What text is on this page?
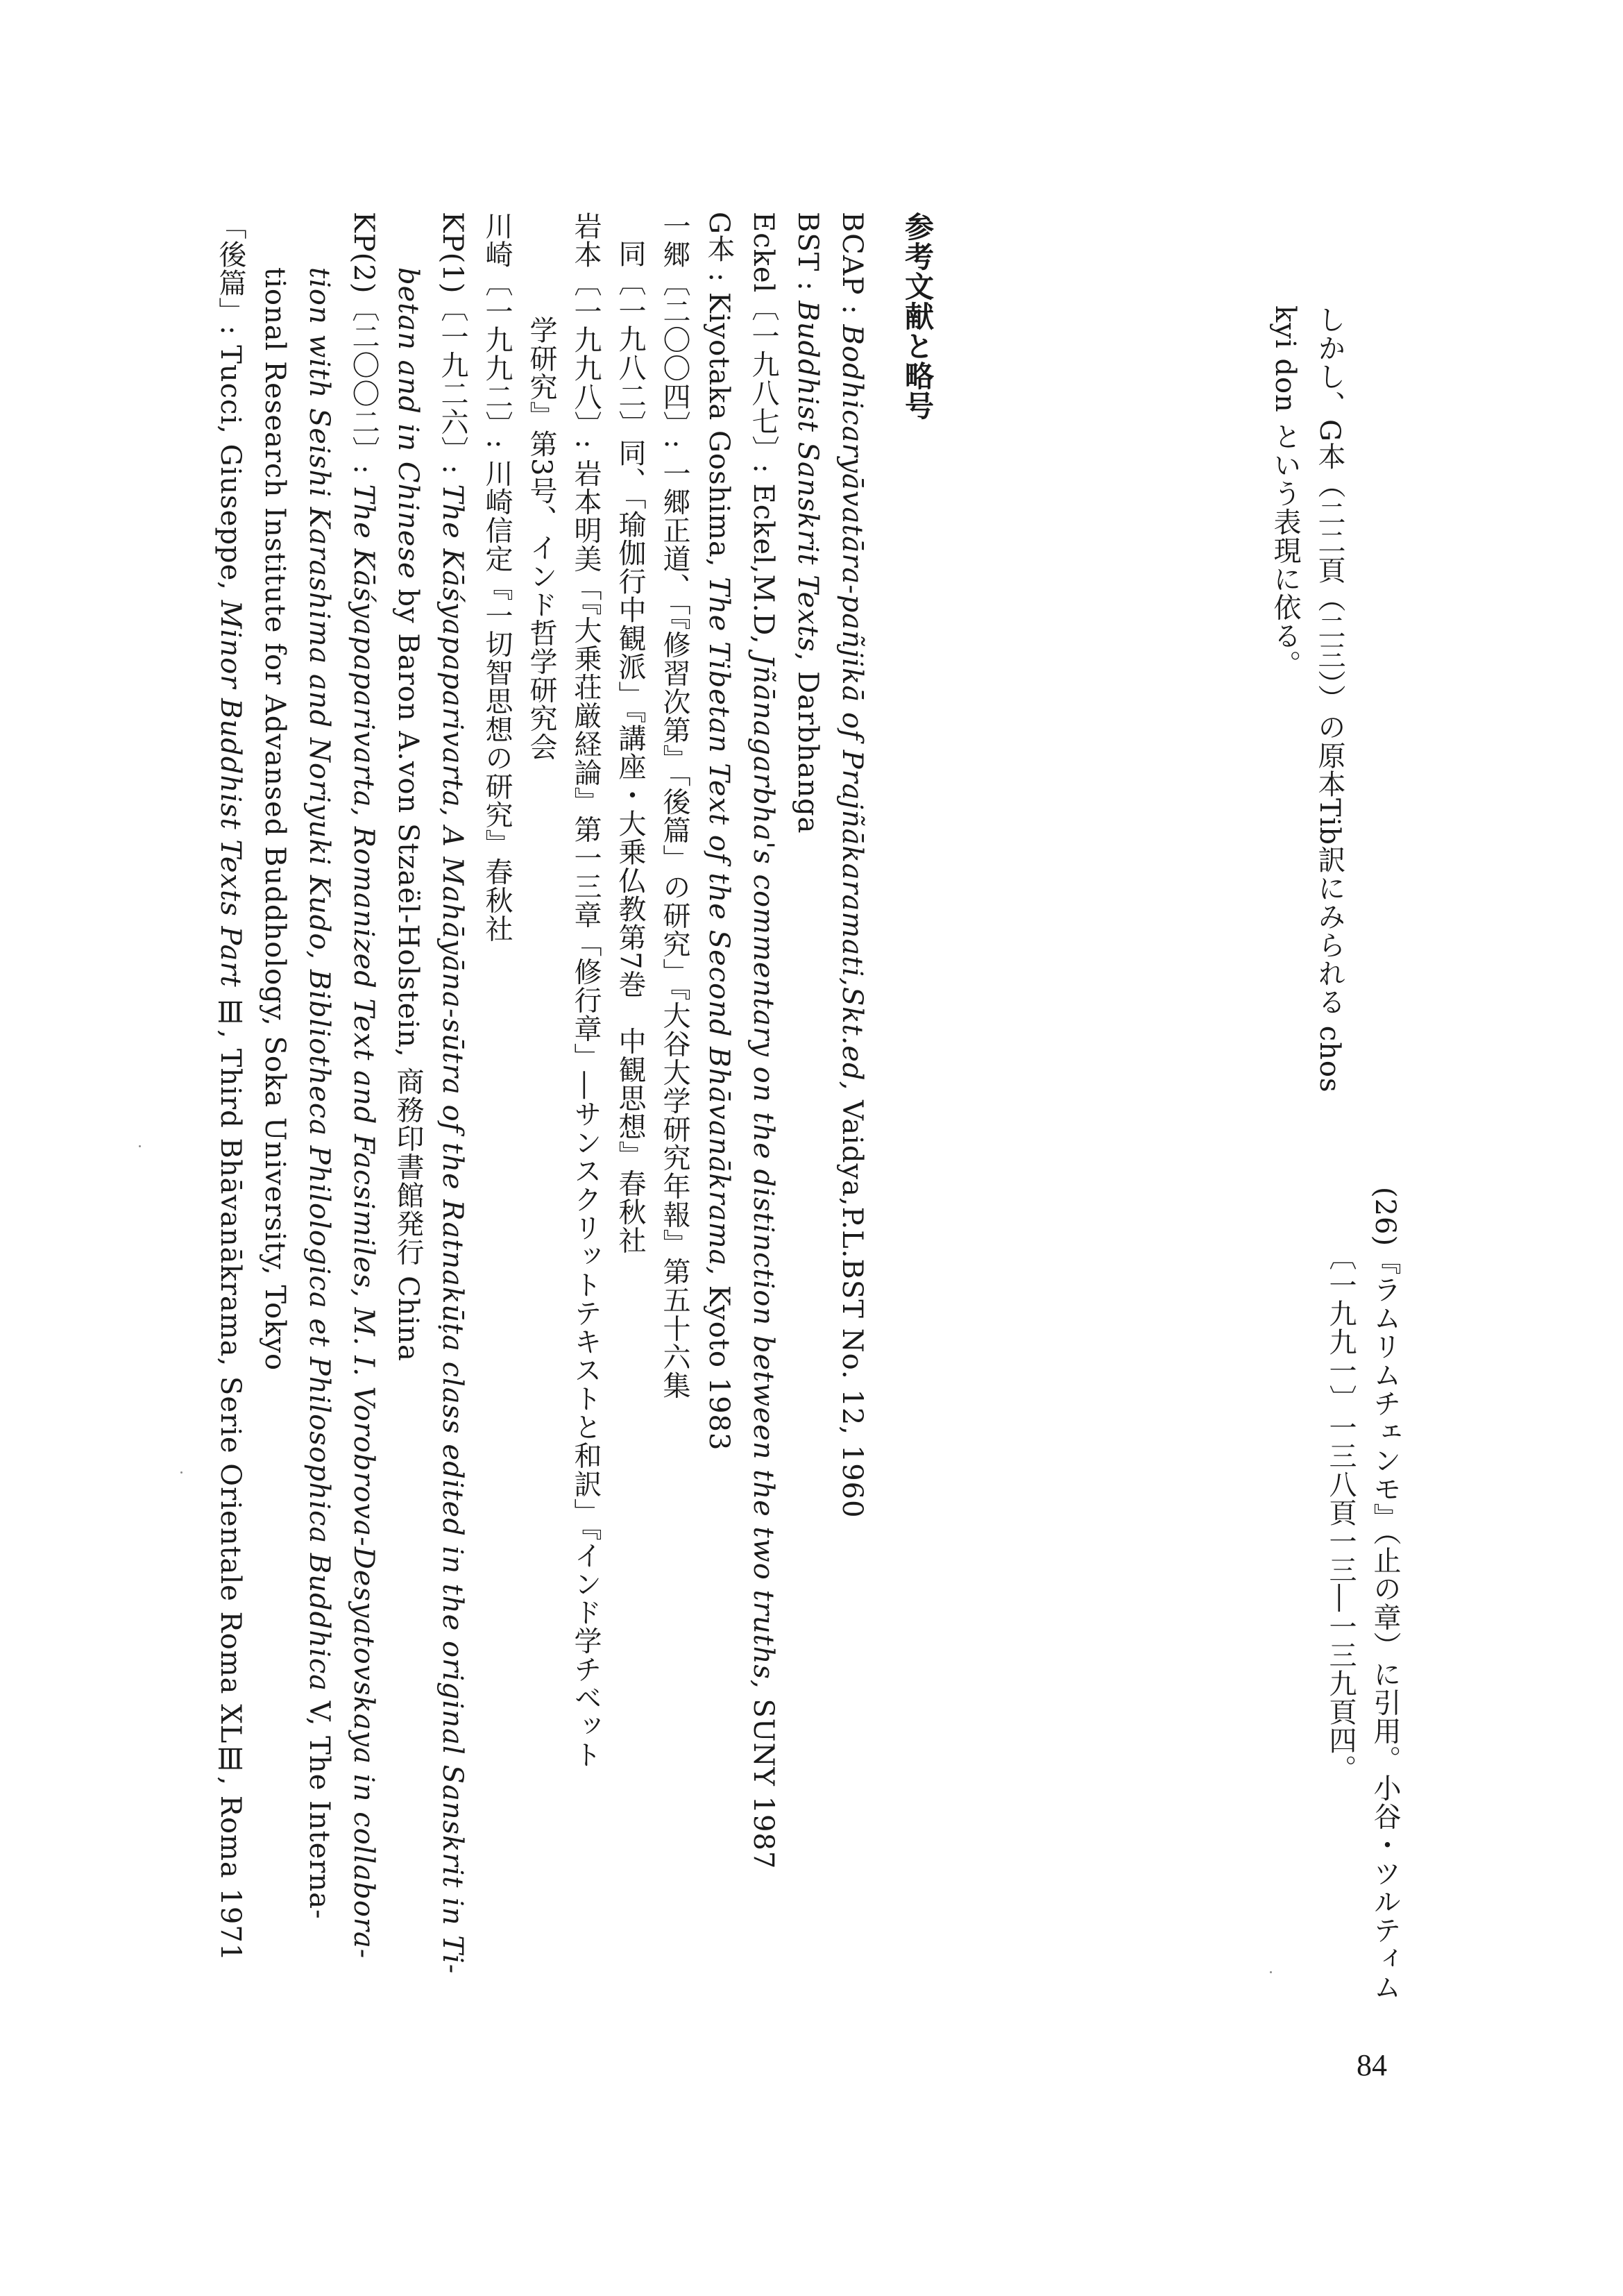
(26)『ラムリムチェンモ』（止の章）に引用。小谷・ツルティム
〔一九九一〕一三八頁一三―一三九頁四。
しかし、G本（二二頁（二三））の原本Tib訳にみられる chos
kyi don という表現に依る。
参考文献と略号
BCAP : Bodhicaryāvatāra-pañjikā of Prajñākaramati,Skt.ed, Vaidya,P.L.BST No. 12, 1960
BST : Buddhist Sanskrit Texts, Darbhanga
Eckel〔一九八七〕: Eckel,M.D, Jñānagarbha's commentary on the distinction between the two truths, SUNY 1987
G本 : Kiyotaka Goshima, The Tibetan Text of the Second Bhāvanākrama, Kyoto 1983
一郷〔二〇〇四〕: 一郷正道、「『修習次第』「後篇」の研究」『大谷大学研究年報』第五十六集
同〔一九八二〕同、「瑜伽行中観派」『講座・大乗仏教第7巻　中観思想』春秋社
岩本〔一九九八〕: 岩本明美「『大乗荘厳経論』第一三章「修行章」―サンスクリットテキストと和訳」『インド学チベット
学研究』第3号、インド哲学研究会
川崎〔一九九二〕: 川崎信定『一切智思想の研究』春秋社
KP(1)〔一九二六〕: The Kāśyapaparivarta, A Mahāyāna-sūtra of the Ratnakūṭa class edited in the original Sanskrit in Ti-
betan and in Chinese by Baron A.von Stzaël-Holstein, 商務印書館発行 China
KP(2)〔二〇〇二〕: The Kāśyapaparivarta, Romanized Text and Facsimiles, M. I. Vorobrova-Desyatovskaya in collabora-
tion with Seishi Karashima and Noriyuki Kudo, Bibliotheca Philologica et Philosophica Buddhica V, The Interna-
tional Research Institute for Advansed Buddhology, Soka University, Tokyo
「後篇」: Tucci, Giuseppe, Minor Buddhist Texts Part Ⅲ, Third Bhāvanākrama, Serie Orientale Roma XLⅢ, Roma 1971
84
